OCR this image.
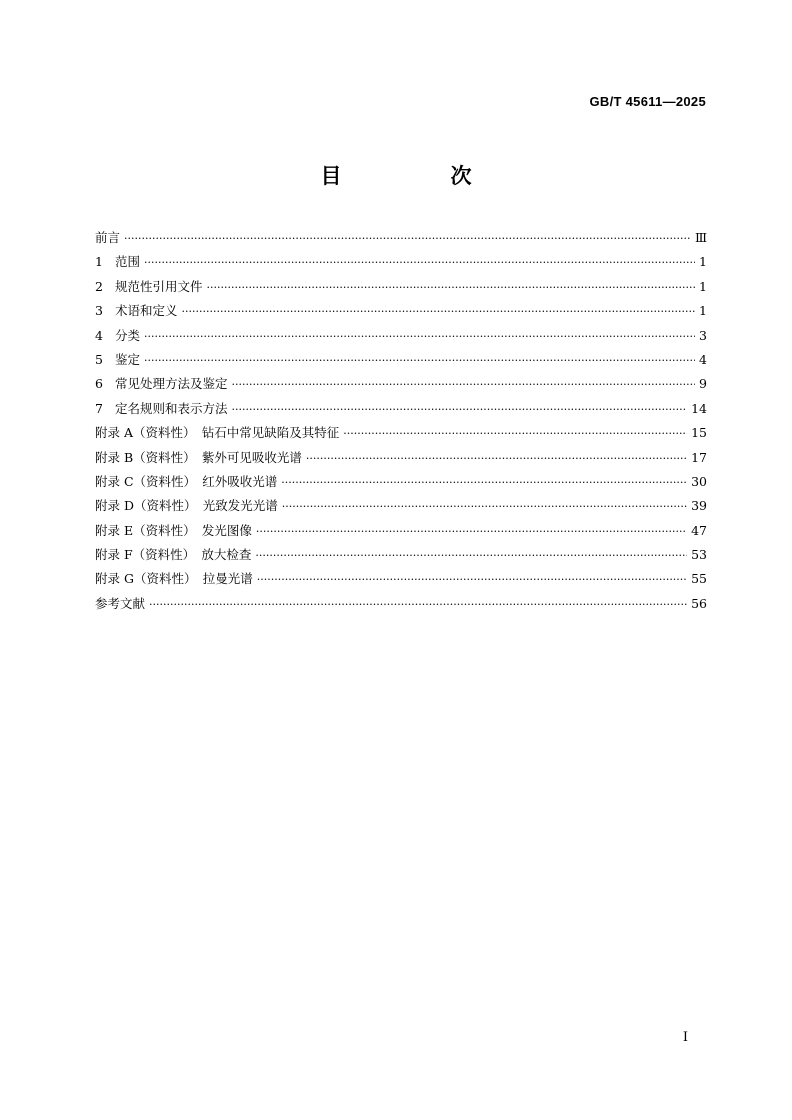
GB/T 45611—2025
目　次
前言 ·····	Ⅲ
1 范围 ·····	1
2 规范性引用文件 ·····	1
3 术语和定义 ·····	1
4 分类 ·····	3
5 鉴定 ·····	4
6 常见处理方法及鉴定 ·····	9
7 定名规则和表示方法 ·····	14
附录 A（资料性）　钻石中常见缺陷及其特征 ·····	15
附录 B（资料性）　紫外可见吸收光谱 ·····	17
附录 C（资料性）　红外吸收光谱 ·····	30
附录 D（资料性）　光致发光光谱 ·····	39
附录 E（资料性）　发光图像 ·····	47
附录 F（资料性）　放大检查 ·····	53
附录 G（资料性）　拉曼光谱 ·····	55
参考文献 ·····	56
I
